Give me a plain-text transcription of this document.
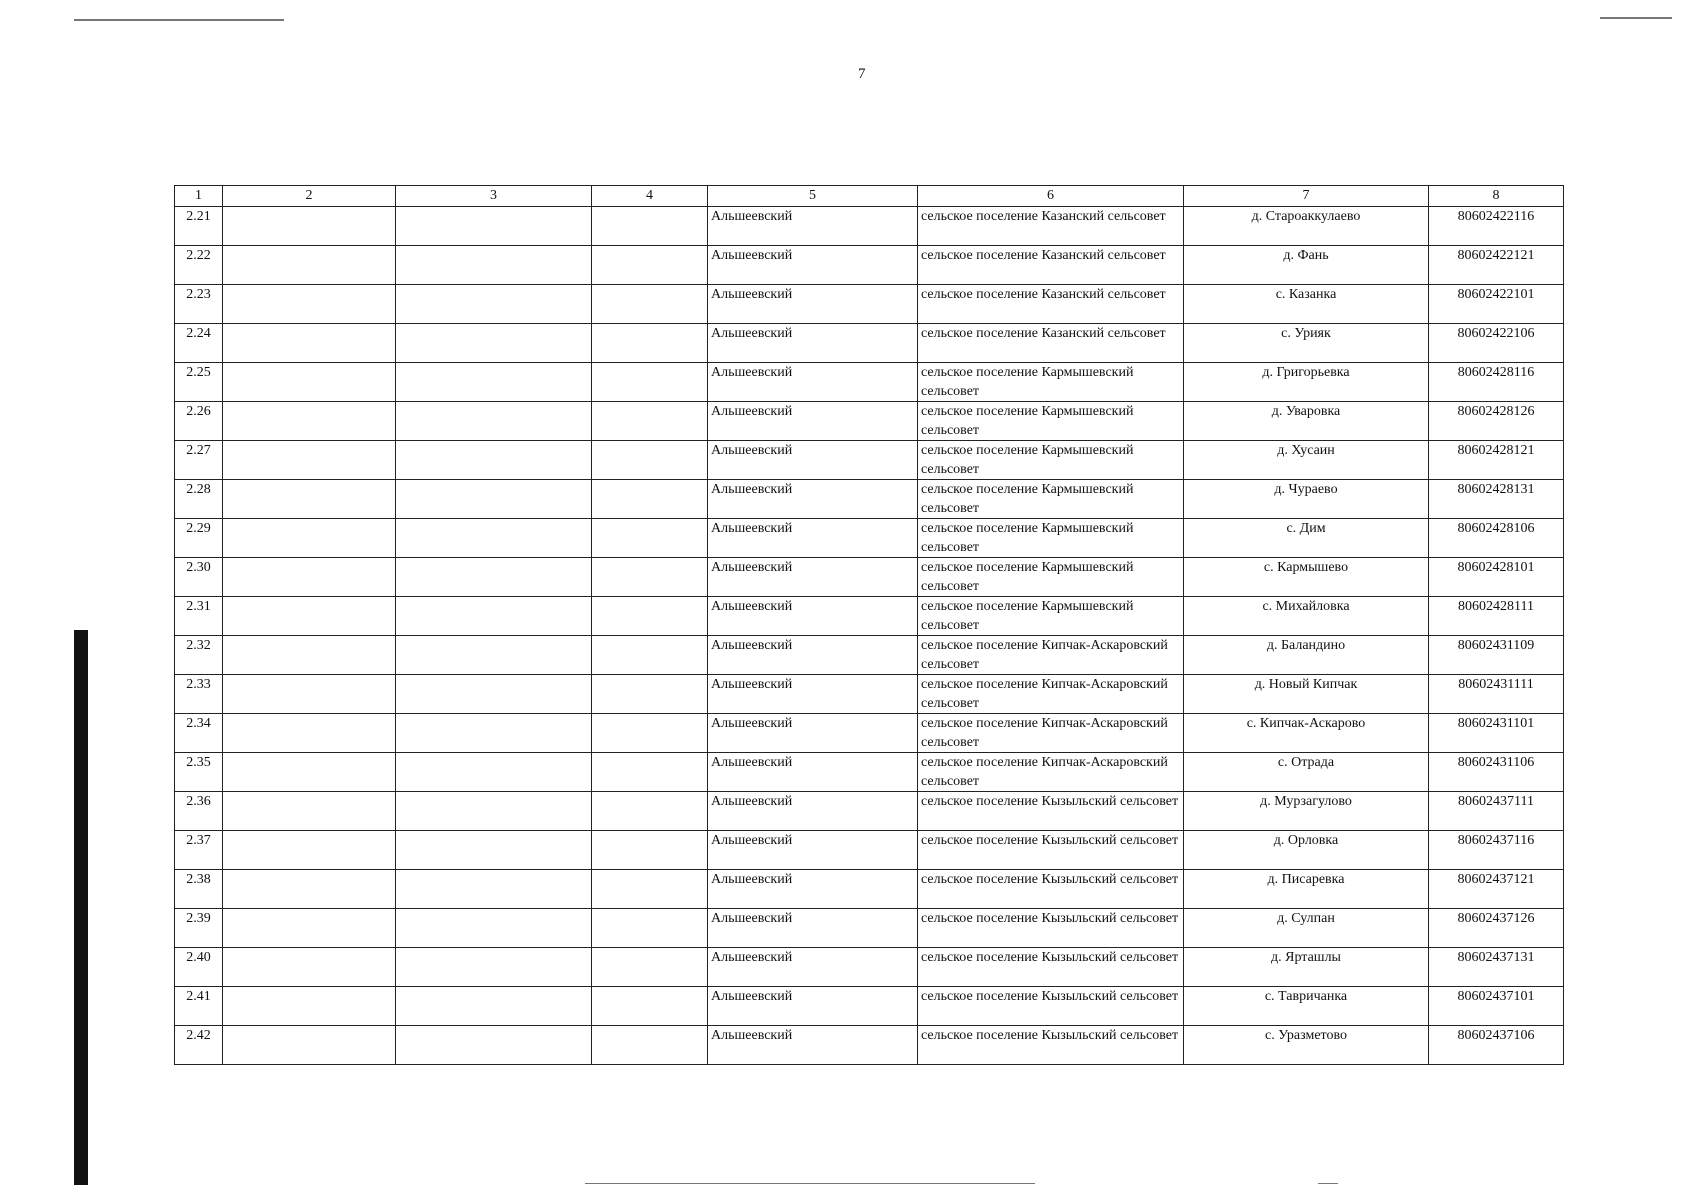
7
1	2	3	4	5	6	7	8
2.21				Альшеевский	сельское поселение Казанский сельсовет	д. Староаккулаево	80602422116
2.22				Альшеевский	сельское поселение Казанский сельсовет	д. Фань	80602422121
2.23				Альшеевский	сельское поселение Казанский сельсовет	с. Казанка	80602422101
2.24				Альшеевский	сельское поселение Казанский сельсовет	с. Урияк	80602422106
2.25				Альшеевский	сельское поселение Кармышевский сельсовет	д. Григорьевка	80602428116
2.26				Альшеевский	сельское поселение Кармышевский сельсовет	д. Уваровка	80602428126
2.27				Альшеевский	сельское поселение Кармышевский сельсовет	д. Хусаин	80602428121
2.28				Альшеевский	сельское поселение Кармышевский сельсовет	д. Чураево	80602428131
2.29				Альшеевский	сельское поселение Кармышевский сельсовет	с. Дим	80602428106
2.30				Альшеевский	сельское поселение Кармышевский сельсовет	с. Кармышево	80602428101
2.31				Альшеевский	сельское поселение Кармышевский сельсовет	с. Михайловка	80602428111
2.32				Альшеевский	сельское поселение Кипчак-Аскаровский сельсовет	д. Баландино	80602431109
2.33				Альшеевский	сельское поселение Кипчак-Аскаровский сельсовет	д. Новый Кипчак	80602431111
2.34				Альшеевский	сельское поселение Кипчак-Аскаровский сельсовет	с. Кипчак-Аскарово	80602431101
2.35				Альшеевский	сельское поселение Кипчак-Аскаровский сельсовет	с. Отрада	80602431106
2.36				Альшеевский	сельское поселение Кызыльский сельсовет	д. Мурзагулово	80602437111
2.37				Альшеевский	сельское поселение Кызыльский сельсовет	д. Орловка	80602437116
2.38				Альшеевский	сельское поселение Кызыльский сельсовет	д. Писаревка	80602437121
2.39				Альшеевский	сельское поселение Кызыльский сельсовет	д. Сулпан	80602437126
2.40				Альшеевский	сельское поселение Кызыльский сельсовет	д. Ярташлы	80602437131
2.41				Альшеевский	сельское поселение Кызыльский сельсовет	с. Тавричанка	80602437101
2.42				Альшеевский	сельское поселение Кызыльский сельсовет	с. Уразметово	80602437106
